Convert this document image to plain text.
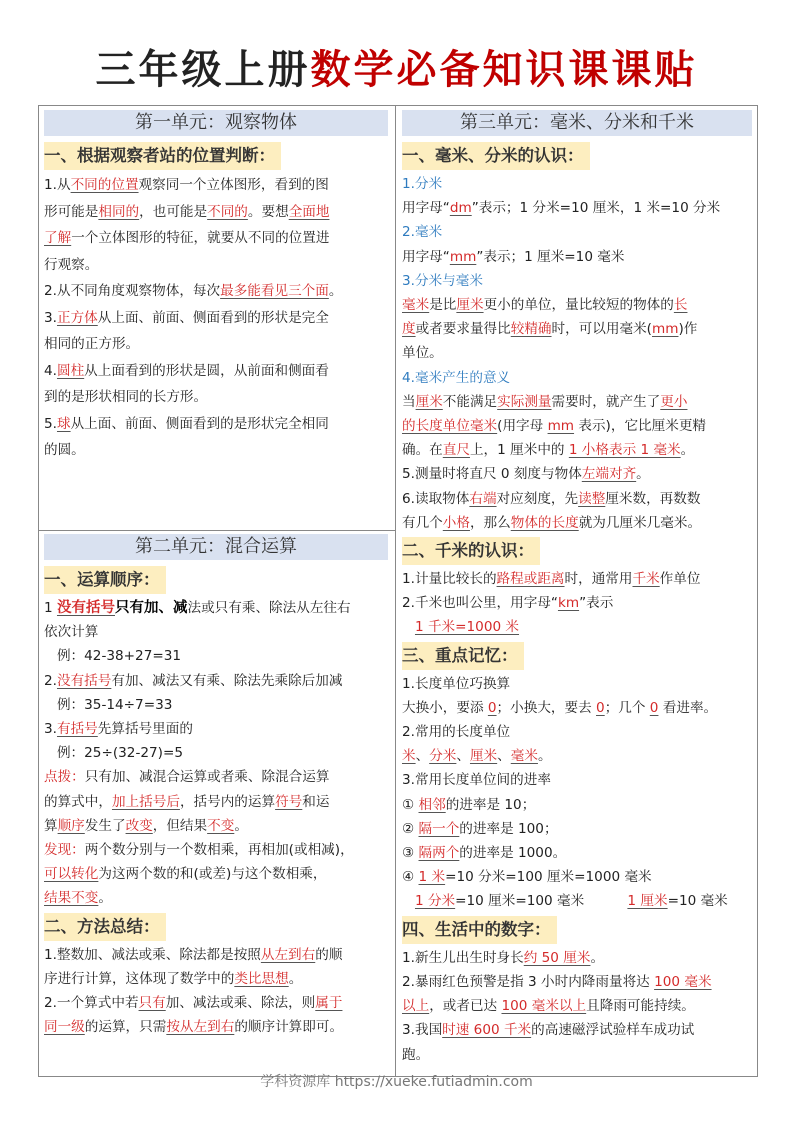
三年级上册数学必备知识课课贴
第一单元：观察物体
一、根据观察者站的位置判断：
1.从不同的位置观察同一个立体图形，看到的图
形可能是相同的，也可能是不同的。要想全面地
了解一个立体图形的特征，就要从不同的位置进
行观察。
2.从不同角度观察物体，每次最多能看见三个面。
3.正方体从上面、前面、侧面看到的形状是完全
相同的正方形。
4.圆柱从上面看到的形状是圆，从前面和侧面看
到的是形状相同的长方形。
5.球从上面、前面、侧面看到的是形状完全相同
的圆。
第二单元：混合运算
一、运算顺序：
1 没有括号只有加、减法或只有乘、除法从左往右
依次计算
例：42-38+27=31
2.没有括号有加、减法又有乘、除法先乘除后加减
例：35-14÷7=33
3.有括号先算括号里面的
例：25÷(32-27)=5
点拨：只有加、减混合运算或者乘、除混合运算
的算式中，加上括号后，括号内的运算符号和运
算顺序发生了改变，但结果不变。
发现：两个数分别与一个数相乘，再相加(或相减)，
可以转化为这两个数的和(或差)与这个数相乘，
结果不变。
二、方法总结：
1.整数加、减法或乘、除法都是按照从左到右的顺
序进行计算，这体现了数学中的类比思想。
2.一个算式中若只有加、减法或乘、除法，则属于
同一级的运算，只需按从左到右的顺序计算即可。
第三单元：毫米、分米和千米
一、毫米、分米的认识：
1.分米
用字母“dm”表示；1 分米=10 厘米，1 米=10 分米
2.毫米
用字母“mm”表示；1 厘米=10 毫米
3.分米与毫米
毫米是比厘米更小的单位，量比较短的物体的长
度或者要求量得比较精确时，可以用毫米(mm)作
单位。
4.毫米产生的意义
当厘米不能满足实际测量需要时，就产生了更小
的长度单位毫米(用字母 mm 表示)，它比厘米更精
确。在直尺上，1 厘米中的 1 小格表示 1 毫米。
5.测量时将直尺 0 刻度与物体左端对齐。
6.读取物体右端对应刻度，先读整厘米数，再数数
有几个小格，那么物体的长度就为几厘米几毫米。
二、千米的认识：
1.计量比较长的路程或距离时，通常用千米作单位
2.千米也叫公里，用字母“km”表示
1 千米=1000 米
三、重点记忆：
1.长度单位巧换算
大换小，要添 0；小换大，要去 0；几个 0 看进率。
2.常用的长度单位
米、分米、厘米、毫米。
3.常用长度单位间的进率
① 相邻的进率是 10；
② 隔一个的进率是 100；
③ 隔两个的进率是 1000。
④ 1 米=10 分米=100 厘米=1000 毫米
1 分米=10 厘米=100 毫米          1 厘米=10 毫米
四、生活中的数字：
1.新生儿出生时身长约 50 厘米。
2.暴雨红色预警是指 3 小时内降雨量将达 100 毫米
以上，或者已达 100 毫米以上且降雨可能持续。
3.我国时速 600 千米的高速磁浮试验样车成功试
跑。
学科资源库 https://xueke.futiadmin.com
